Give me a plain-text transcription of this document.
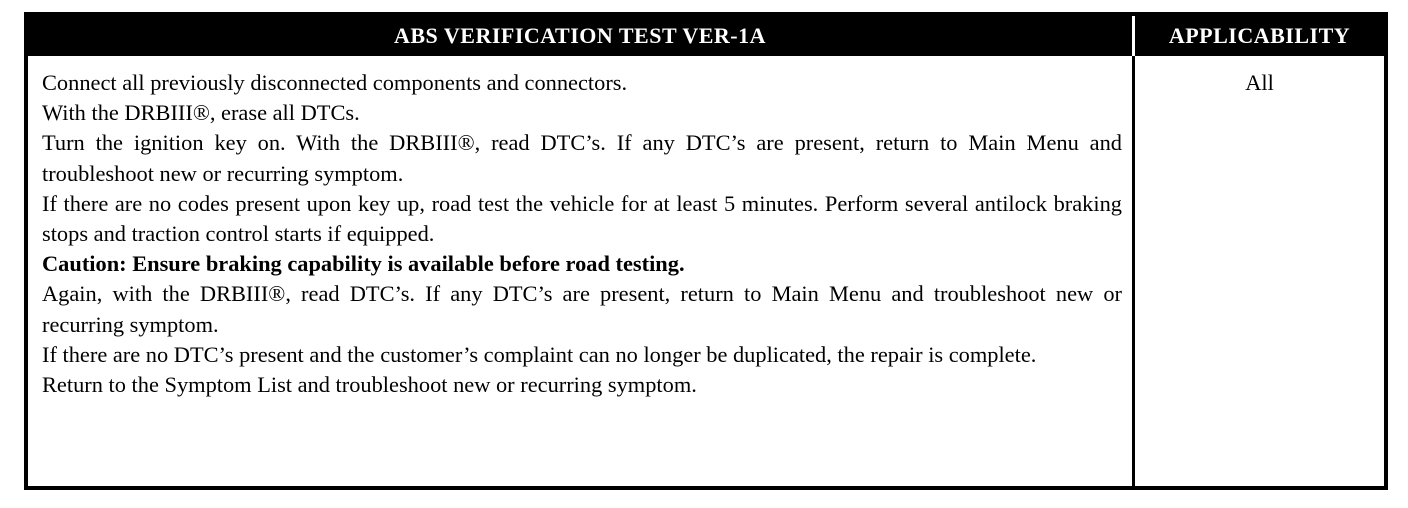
ABS VERIFICATION TEST VER-1A	APPLICABILITY
Connect all previously disconnected components and connectors.
With the DRBIII®, erase all DTCs.
Turn the ignition key on. With the DRBIII®, read DTC’s. If any DTC’s are present, return to Main Menu and troubleshoot new or recurring symptom.
If there are no codes present upon key up, road test the vehicle for at least 5 minutes. Perform several antilock braking stops and traction control starts if equipped.
Caution: Ensure braking capability is available before road testing.
Again, with the DRBIII®, read DTC’s. If any DTC’s are present, return to Main Menu and troubleshoot new or recurring symptom.
If there are no DTC’s present and the customer’s complaint can no longer be duplicated, the repair is complete.
Return to the Symptom List and troubleshoot new or recurring symptom.
All
